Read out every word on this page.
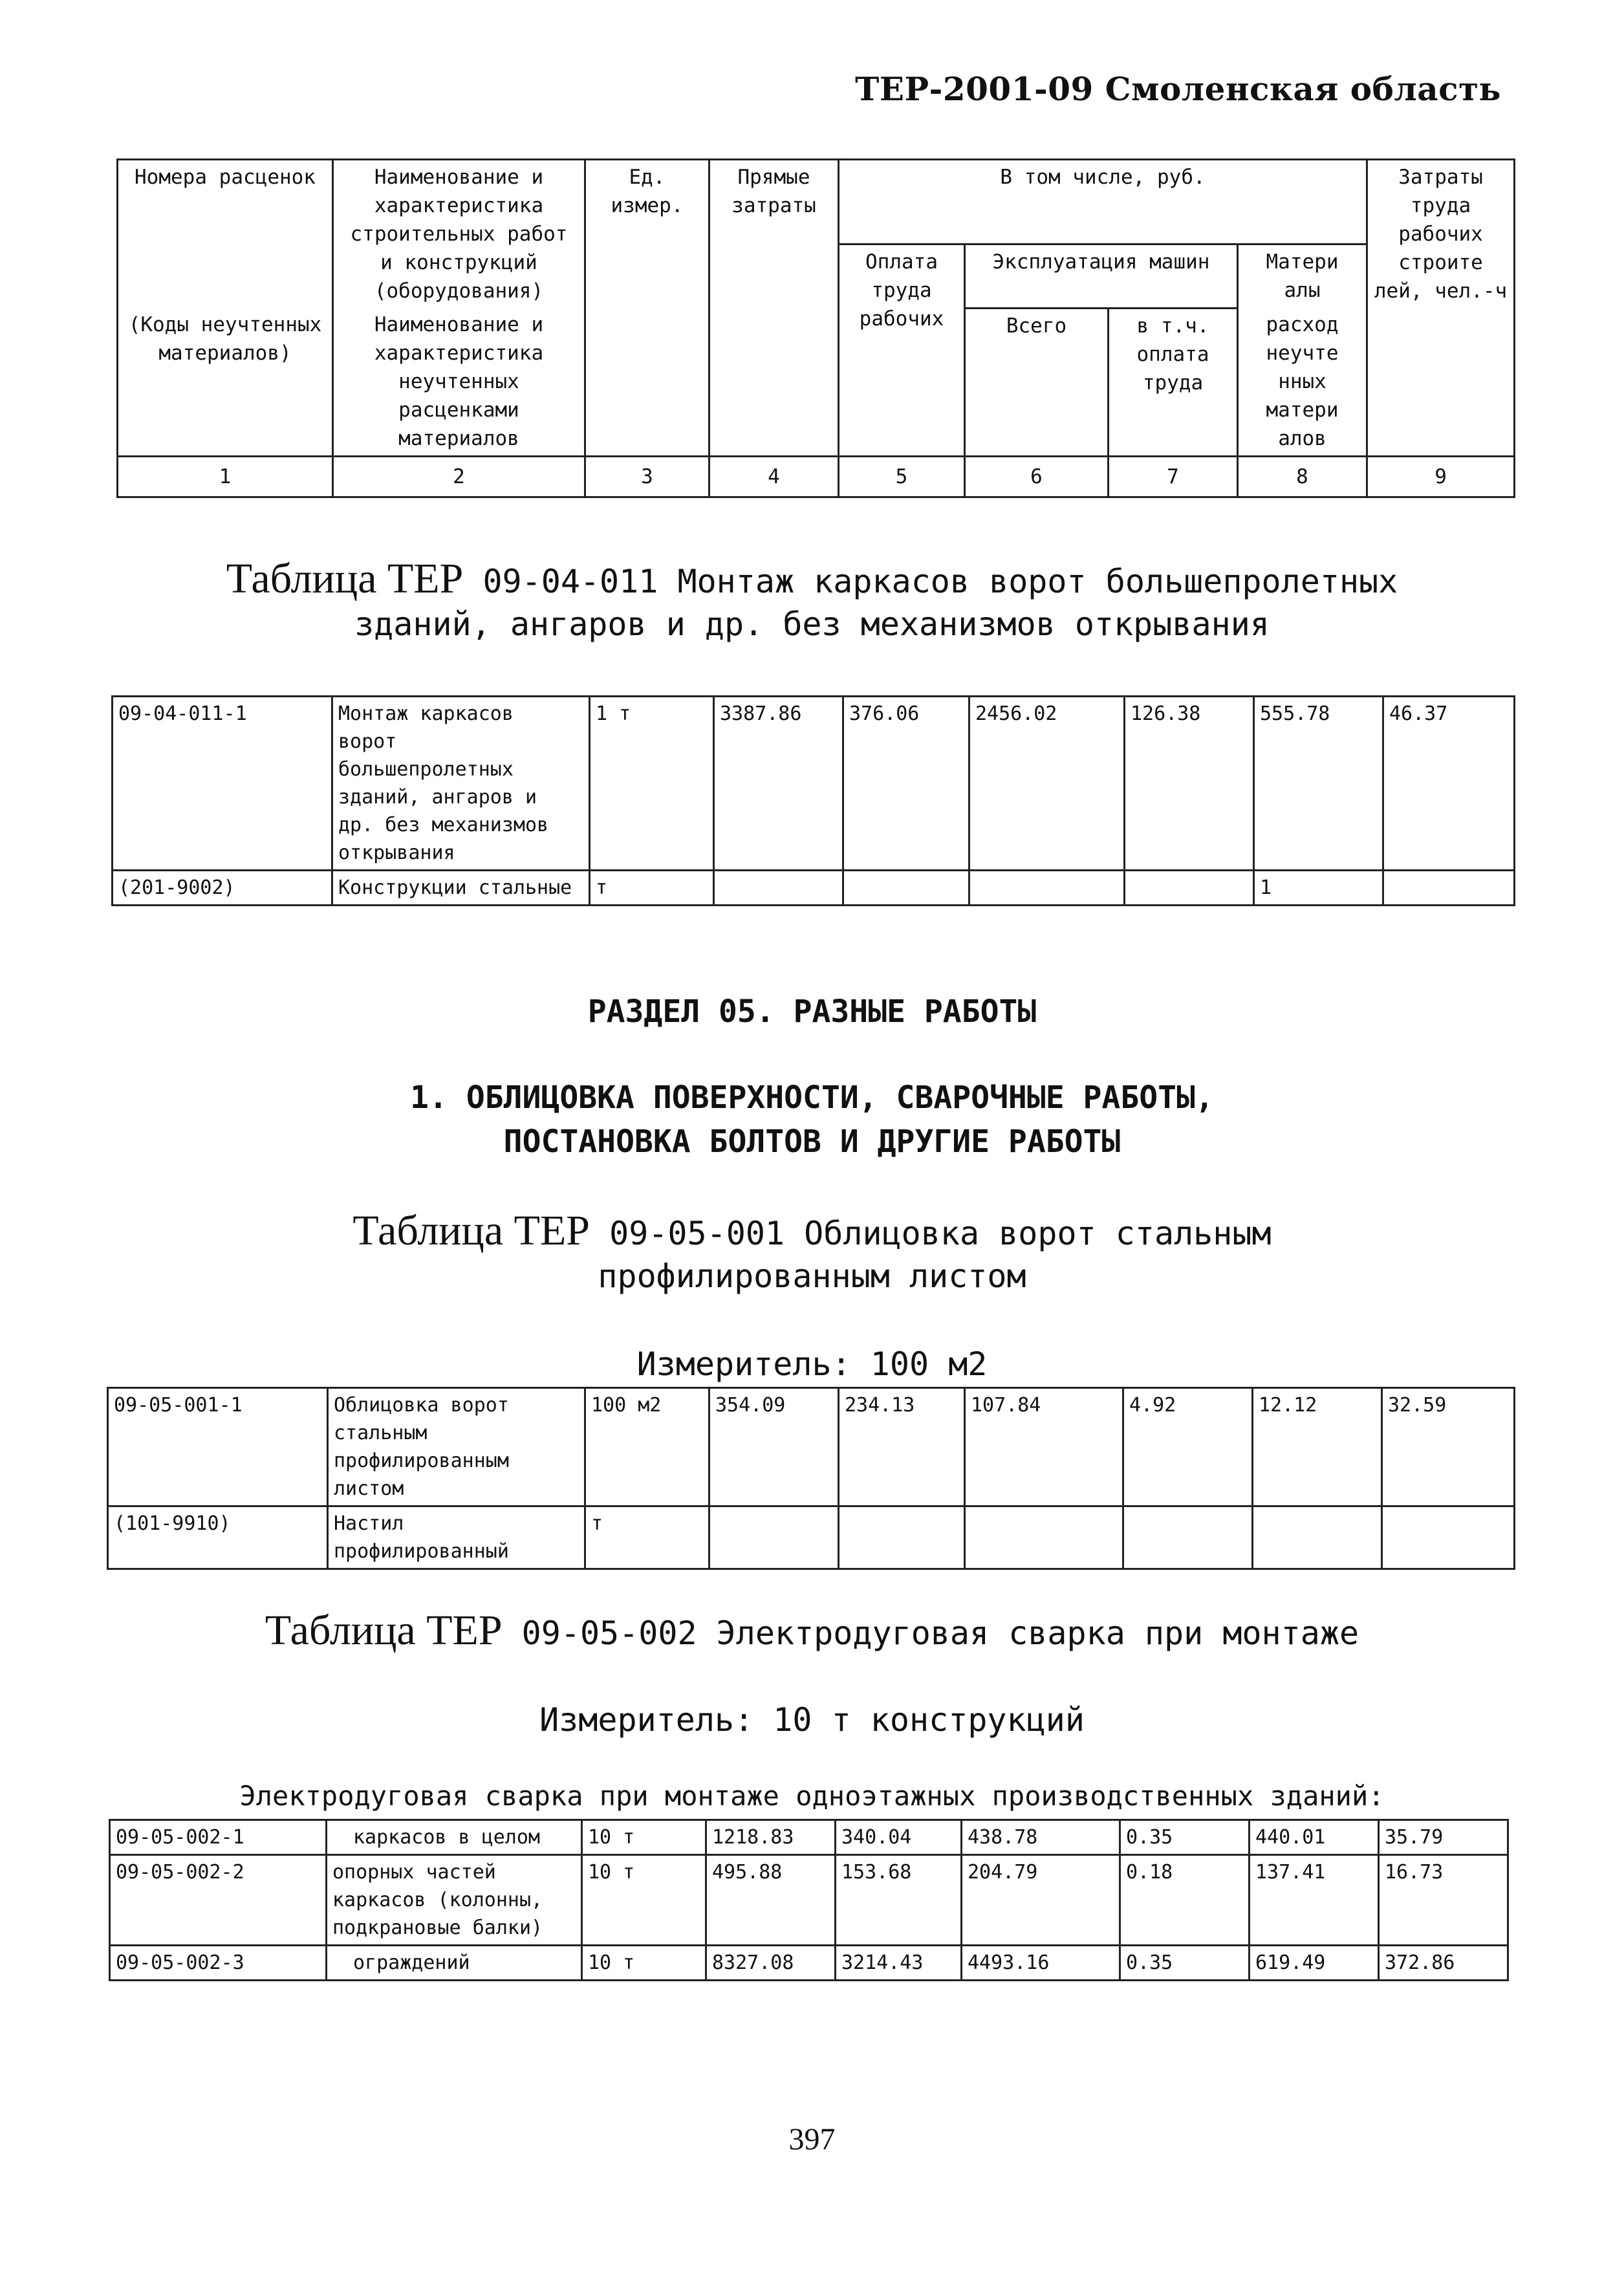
ТЕР-2001-09 Смоленская область
Номера расценок	Наименование и характеристика строительных работ и конструкций (оборудования)	Ед. измер.	Прямые затраты	В том числе, руб.				Затраты труда рабочих строите лей, чел.-ч
				Оплата труда рабочих	Эксплуатация машин		Матери алы	
(Коды неучтенных материалов)	Наименование и характеристика неучтенных расценками материалов				Всего	в т.ч. оплата труда	расход неучте нных матери алов	
1	2	3	4	5	6	7	8	9
Таблица ТЕР 09-04-011 Монтаж каркасов ворот большепролетных зданий, ангаров и др. без механизмов открывания
09-04-011-1	Монтаж каркасов ворот большепролетных зданий, ангаров и др. без механизмов открывания	1 т	3387.86	376.06	2456.02	126.38	555.78	46.37
(201-9002)	Конструкции стальные	т					1	
РАЗДЕЛ 05. РАЗНЫЕ РАБОТЫ
1. ОБЛИЦОВКА ПОВЕРХНОСТИ, СВАРОЧНЫЕ РАБОТЫ, ПОСТАНОВКА БОЛТОВ И ДРУГИЕ РАБОТЫ
Таблица ТЕР 09-05-001 Облицовка ворот стальным профилированным листом
Измеритель: 100 м2
09-05-001-1	Облицовка ворот стальным профилированным листом	100 м2	354.09	234.13	107.84	4.92	12.12	32.59
(101-9910)	Настил профилированный	т						
Таблица ТЕР 09-05-002 Электродуговая сварка при монтаже
Измеритель: 10 т конструкций
Электродуговая сварка при монтаже одноэтажных производственных зданий:
09-05-002-1	каркасов в целом	10 т	1218.83	340.04	438.78	0.35	440.01	35.79
09-05-002-2	опорных частей каркасов (колонны, подкрановые балки)	10 т	495.88	153.68	204.79	0.18	137.41	16.73
09-05-002-3	ограждений	10 т	8327.08	3214.43	4493.16	0.35	619.49	372.86
397
